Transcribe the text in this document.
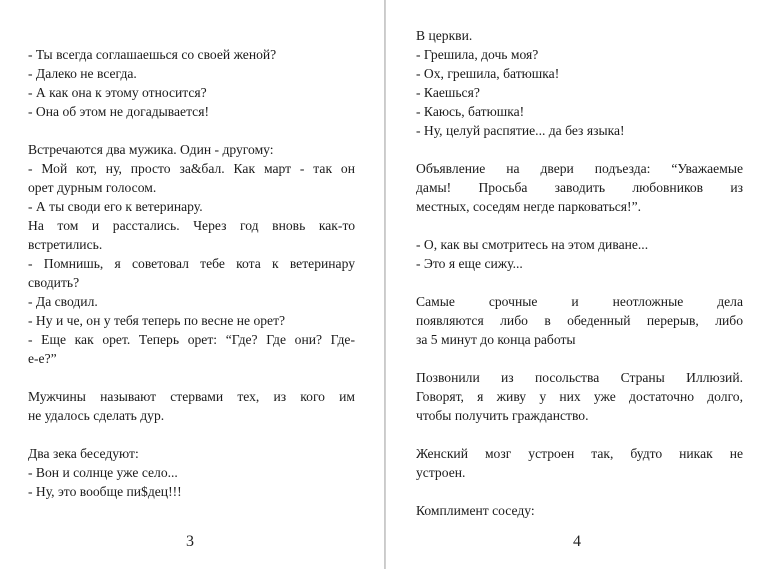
- Ты всегда соглашаешься со своей женой?
- Далеко не всегда.
- А как она к этому относится?
- Она об этом не догадывается!

Встречаются два мужика. Один - другому:
- Мой кот, ну, просто за&бал. Как март - так он
орет дурным голосом.
- А ты своди его к ветеринару.
На том и расстались. Через год вновь как-то
встретились.
- Помнишь, я советовал тебе кота к ветеринару
сводить?
- Да сводил.
- Ну и че, он у тебя теперь по весне не орет?
- Еще как орет. Теперь орет: “Где? Где они? Где-
е-е?”

Мужчины называют стервами тех, из кого им
не удалось сделать дур.

Два зека беседуют:
- Вон и солнце уже село...
- Ну, это вообще пи$дец!!!

3

В церкви.
- Грешила, дочь моя?
- Ох, грешила, батюшка!
- Каешься?
- Каюсь, батюшка!
- Ну, целуй распятие... да без языка!

Объявление на двери подъезда: “Уважаемые
дамы! Просьба заводить любовников из
местных, соседям негде парковаться!”.

- О, как вы смотритесь на этом диване...
- Это я еще сижу...

Самые срочные и неотложные дела
появляются либо в обеденный перерыв, либо
за 5 минут до конца работы

Позвонили из посольства Страны Иллюзий.
Говорят, я живу у них уже достаточно долго,
чтобы получить гражданство.

Женский мозг устроен так, будто никак не
устроен.

Комплимент соседу:

4
